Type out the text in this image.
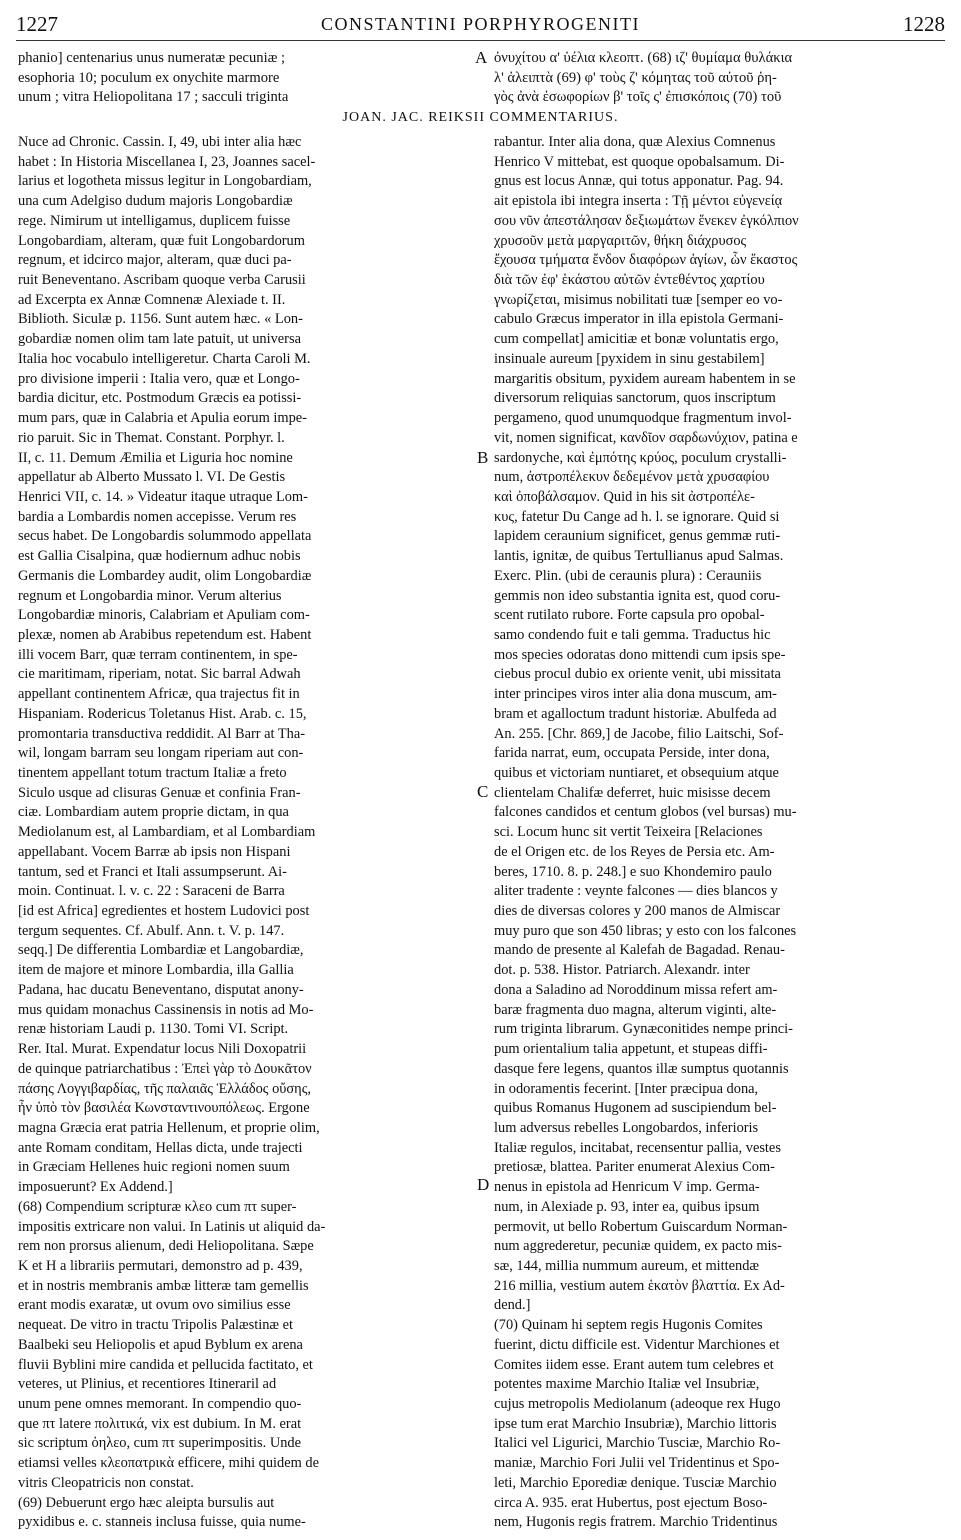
1227	CONSTANTINI PORPHYROGENITI	1228
phanio] centenarius unus numeratæ pecuniæ ;
esophoria 10; poculum ex onychite marmore
unum ; vitra Heliopolitana 17 ; sacculi triginta
ὀνυχίτου α' ὑέλια κλεοπτ. (68) ιζ' θυμίαμα θυλάκια
λ' ἀλειπτὰ (69) φ' τοὺς ζ' κόμητας τοῦ αὐτοῦ ῥη-
γὸς ἀνὰ ἐσωφορίων β' τοῖς ς' ἐπισκόποις (70) τοῦ
JOAN. JAC. REIKSII COMMENTARIUS.
A
B
C
D
Nuce ad Chronic. Cassin. I, 49, ubi inter alia hæc
habet : In Historia Miscellanea I, 23, Joannes sacel-
larius et logotheta missus legitur in Longobardiam,
una cum Adelgiso dudum majoris Longobardiæ
rege. Nimirum ut intelligamus, duplicem fuisse
Longobardiam, alteram, quæ fuit Longobardorum
regnum, et idcirco major, alteram, quæ duci pa-
ruit Beneventano. Ascribam quoque verba Carusii
ad Excerpta ex Annæ Comnenæ Alexiade t. II.
Biblioth. Siculæ p. 1156. Sunt autem hæc. « Lon-
gobardiæ nomen olim tam late patuit, ut universa
Italia hoc vocabulo intelligeretur. Charta Caroli M.
pro divisione imperii : Italia vero, quæ et Longo-
bardia dicitur, etc. Postmodum Græcis ea potissi-
mum pars, quæ in Calabria et Apulia eorum impe-
rio paruit. Sic in Themat. Constant. Porphyr. l.
II, c. 11. Demum Æmilia et Liguria hoc nomine
appellatur ab Alberto Mussato l. VI. De Gestis
Henrici VII, c. 14. » Videatur itaque utraque Lom-
bardia a Lombardis nomen accepisse. Verum res
secus habet. De Longobardis solummodo appellata
est Gallia Cisalpina, quæ hodiernum adhuc nobis
Germanis die Lombardey audit, olim Longobardiæ
regnum et Longobardia minor. Verum alterius
Longobardiæ minoris, Calabriam et Apuliam com-
plexæ, nomen ab Arabibus repetendum est. Habent
illi vocem Barr, quæ terram continentem, in spe-
cie maritimam, riperiam, notat. Sic barral Adwah
appellant continentem Africæ, qua trajectus fit in
Hispaniam. Rodericus Toletanus Hist. Arab. c. 15,
promontaria transductiva reddidit. Al Barr at Tha-
wil, longam barram seu longam riperiam aut con-
tinentem appellant totum tractum Italiæ a freto
Siculo usque ad clisuras Genuæ et confinia Fran-
ciæ. Lombardiam autem proprie dictam, in qua
Mediolanum est, al Lambardiam, et al Lombardiam
appellabant. Vocem Barræ ab ipsis non Hispani
tantum, sed et Franci et Itali assumpserunt. Ai-
moin. Continuat. l. v. c. 22 : Saraceni de Barra
[id est Africa] egredientes et hostem Ludovici post
tergum sequentes. Cf. Abulf. Ann. t. V. p. 147.
seqq.] De differentia Lombardiæ et Langobardiæ,
item de majore et minore Lombardia, illa Gallia
Padana, hac ducatu Beneventano, disputat anony-
mus quidam monachus Cassinensis in notis ad Mo-
renæ historiam Laudi p. 1130. Tomi VI. Script.
Rer. Ital. Murat. Expendatur locus Nili Doxopatrii
de quinque patriarchatibus : Ἐπεὶ γὰρ τὸ Δουκᾶτον
πάσης Λογγιβαρδίας, τῆς παλαιᾶς Ἑλλάδος οὔσης,
ἦν ὑπὸ τὸν βασιλέα Κωνσταντινουπόλεως. Ergone
magna Græcia erat patria Hellenum, et proprie olim,
ante Romam conditam, Hellas dicta, unde trajecti
in Græciam Hellenes huic regioni nomen suum
imposuerunt? Ex Addend.]
(68) Compendium scripturæ κλεο cum πτ super-
impositis extricare non valui. In Latinis ut aliquid da-
rem non prorsus alienum, dedi Heliopolitana. Sæpe
K et H a librariis permutari, demonstro ad p. 439,
et in nostris membranis ambæ litteræ tam gemellis
erant modis exaratæ, ut ovum ovo similius esse
nequeat. De vitro in tractu Tripolis Palæstinæ et
Baalbeki seu Heliopolis et apud Byblum ex arena
fluvii Byblini mire candida et pellucida factitato, et
veteres, ut Plinius, et recentiores Itineraril ad
unum pene omnes memorant. In compendio quo-
que πτ latere πολιτικά, vix est dubium. In M. erat
sic scriptum ὀηλεο, cum πτ superimpositis. Unde
etiamsi velles κλεοπατρικὰ efficere, mihi quidem de
vitris Cleopatricis non constat.
(69) Debuerunt ergo hæc aleipta bursulis aut
pyxidibus e. c. stanneis inclusa fuisse, quia nume-
rabantur. Inter alia dona, quæ Alexius Comnenus
Henrico V mittebat, est quoque opobalsamum. Di-
gnus est locus Annæ, qui totus apponatur. Pag. 94.
ait epistola ibi integra inserta : Τῇ μέντοι εὐγενείᾳ
σου νῦν ἀπεστάλησαν δεξιωμάτων ἕνεκεν ἐγκόλπιον
χρυσοῦν μετὰ μαργαριτῶν, θήκη διάχρυσος
ἔχουσα τμήματα ἔνδον διαφόρων ἁγίων, ὧν ἕκαστος
διὰ τῶν ἐφ' ἑκάστου αὐτῶν ἐντεθέντος χαρτίου
γνωρίζεται, misimus nobilitati tuæ [semper eo vo-
cabulo Græcus imperator in illa epistola Germani-
cum compellat] amicitiæ et bonæ voluntatis ergo,
insinuale aureum [pyxidem in sinu gestabilem]
margaritis obsitum, pyxidem auream habentem in se
diversorum reliquias sanctorum, quos inscriptum
pergameno, quod unumquodque fragmentum invol-
vit, nomen significat, κανδῖον σαρδωνύχιον, patina e
sardonyche, καὶ ἐμπότης κρύος, poculum crystalli-
num, ἀστροπέλεκυν δεδεμένον μετὰ χρυσαφίου
καὶ ὀποβάλσαμον. Quid in his sit ἀστροπέλε-
κυς, fatetur Du Cange ad h. l. se ignorare. Quid si
lapidem ceraunium significet, genus gemmæ ruti-
lantis, ignitæ, de quibus Tertullianus apud Salmas.
Exerc. Plin. (ubi de ceraunis plura) : Cerauniis
gemmis non ideo substantia ignita est, quod coru-
scent rutilato rubore. Forte capsula pro opobal-
samo condendo fuit e tali gemma. Traductus hic
mos species odoratas dono mittendi cum ipsis spe-
ciebus procul dubio ex oriente venit, ubi missitata
inter principes viros inter alia dona muscum, am-
bram et agalloctum tradunt historiæ. Abulfeda ad
An. 255. [Chr. 869,] de Jacobe, filio Laitschi, Sof-
farida narrat, eum, occupata Perside, inter dona,
quibus et victoriam nuntiaret, et obsequium atque
clientelam Chalifæ deferret, huic misisse decem
falcones candidos et centum globos (vel bursas) mu-
sci. Locum hunc sit vertit Teixeira [Relaciones
de el Origen etc. de los Reyes de Persia etc. Am-
beres, 1710. 8. p. 248.] e suo Khondemiro paulo
aliter tradente : veynte falcones — dies blancos y
dies de diversas colores y 200 manos de Almiscar
muy puro que son 450 libras; y esto con los falcones
mando de presente al Kalefah de Bagadad. Renau-
dot. p. 538. Histor. Patriarch. Alexandr. inter
dona a Saladino ad Noroddinum missa refert am-
baræ fragmenta duo magna, alterum viginti, alte-
rum triginta librarum. Gynæconitides nempe princi-
pum orientalium talia appetunt, et stupeas diffi-
dasque fere legens, quantos illæ sumptus quotannis
in odoramentis fecerint. [Inter præcipua dona,
quibus Romanus Hugonem ad suscipiendum bel-
lum adversus rebelles Longobardos, inferioris
Italiæ regulos, incitabat, recensentur pallia, vestes
pretiosæ, blattea. Pariter enumerat Alexius Com-
nenus in epistola ad Henricum V imp. Germa-
num, in Alexiade p. 93, inter ea, quibus ipsum
permovit, ut bello Robertum Guiscardum Norman-
num aggrederetur, pecuniæ quidem, ex pacto mis-
sæ, 144, millia nummum aureum, et mittendæ
216 millia, vestium autem ἑκατὸν βλαττία. Ex Ad-
dend.]
(70) Quinam hi septem regis Hugonis Comites
fuerint, dictu difficile est. Videntur Marchiones et
Comites iidem esse. Erant autem tum celebres et
potentes maxime Marchio Italiæ vel Insubriæ,
cujus metropolis Mediolanum (adeoque rex Hugo
ipse tum erat Marchio Insubriæ), Marchio littoris
Italici vel Ligurici, Marchio Tusciæ, Marchio Ro-
maniæ, Marchio Fori Julii vel Tridentinus et Spo-
leti, Marchio Eporediæ denique. Tusciæ Marchio
circa A. 935. erat Hubertus, post ejectum Boso-
nem, Hugonis regis fratrem. Marchio Tridentinus
